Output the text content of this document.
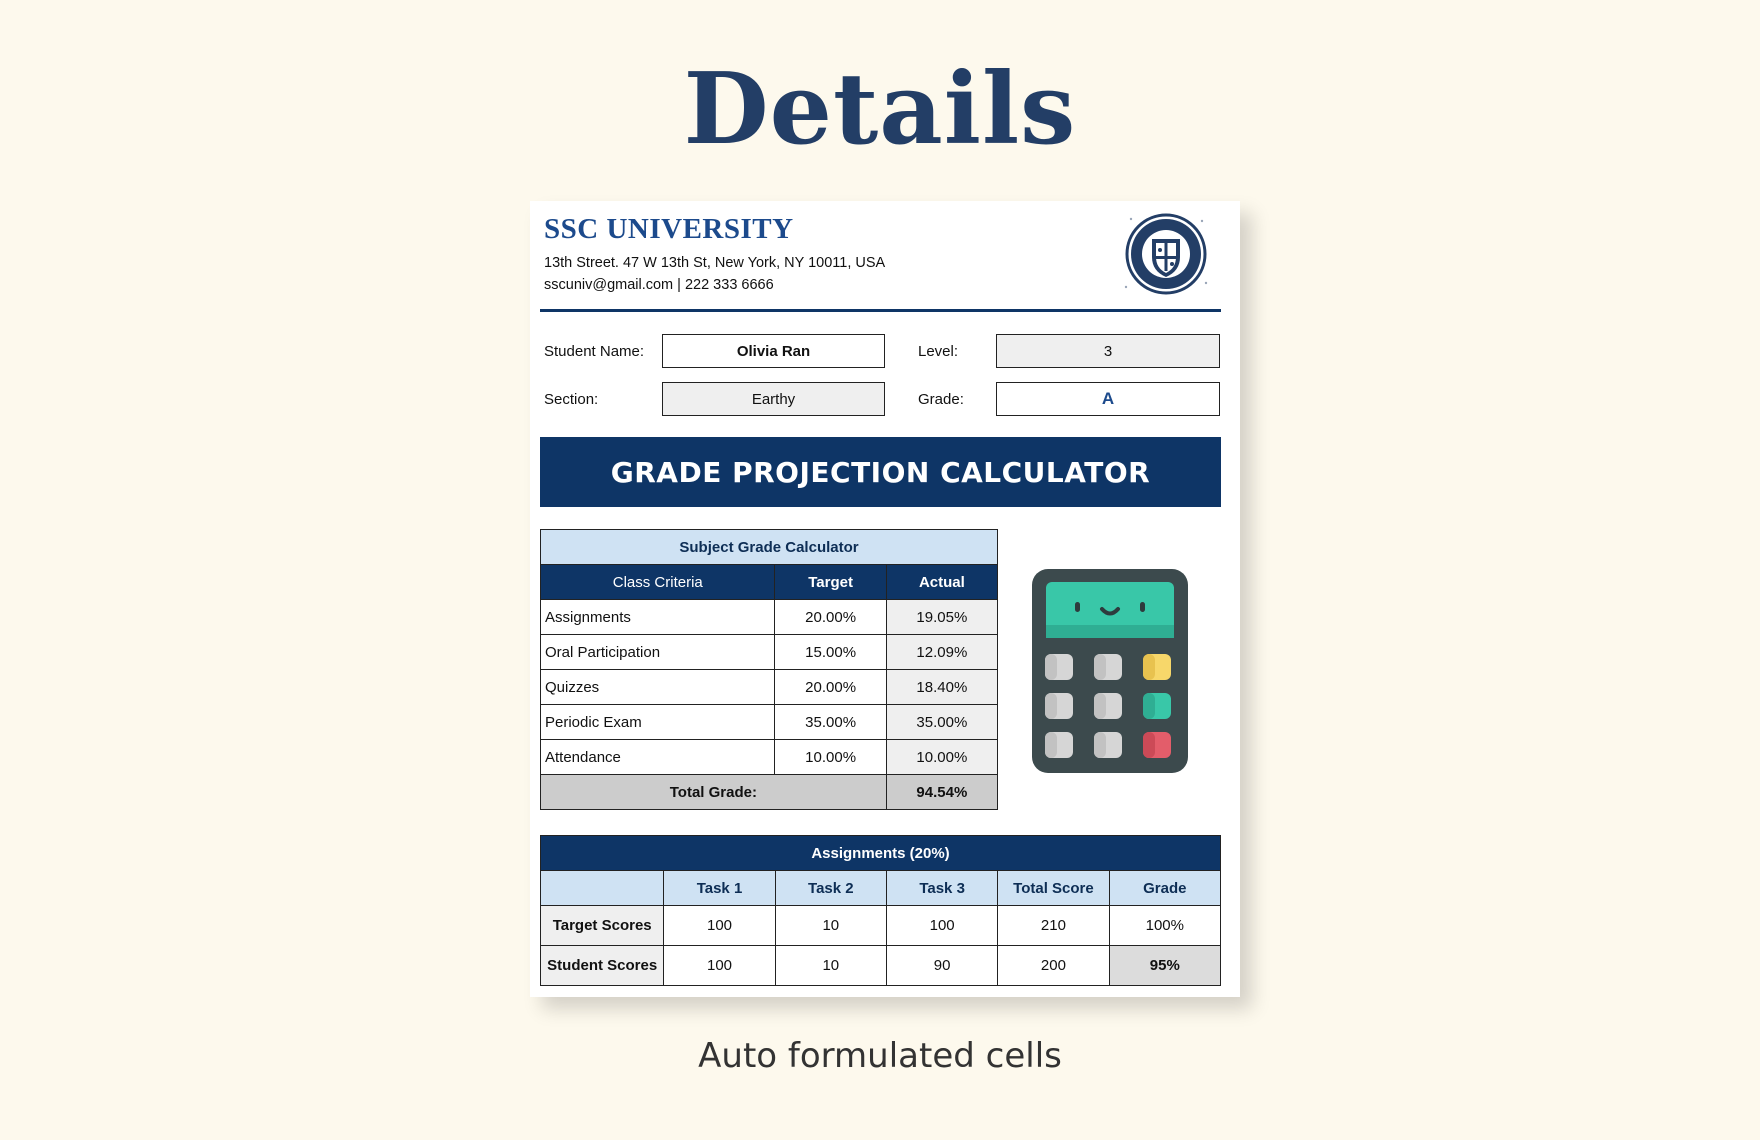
Details
SSC UNIVERSITY
13th Street. 47 W 13th St, New York, NY 10011, USA
sscuniv@gmail.com | 222 333 6666
Student Name:	Olivia Ran	Level:	3
Section:	Earthy	Grade:	A
GRADE PROJECTION CALCULATOR
Subject Grade Calculator		
Class Criteria	Target	Actual
Assignments	20.00%	19.05%
Oral Participation	15.00%	12.09%
Quizzes	20.00%	18.40%
Periodic Exam	35.00%	35.00%
Attendance	10.00%	10.00%
Total Grade:		94.54%
Assignments (20%)					
	Task 1	Task 2	Task 3	Total Score	Grade
Target Scores	100	10	100	210	100%
Student Scores	100	10	90	200	95%
Auto formulated cells
